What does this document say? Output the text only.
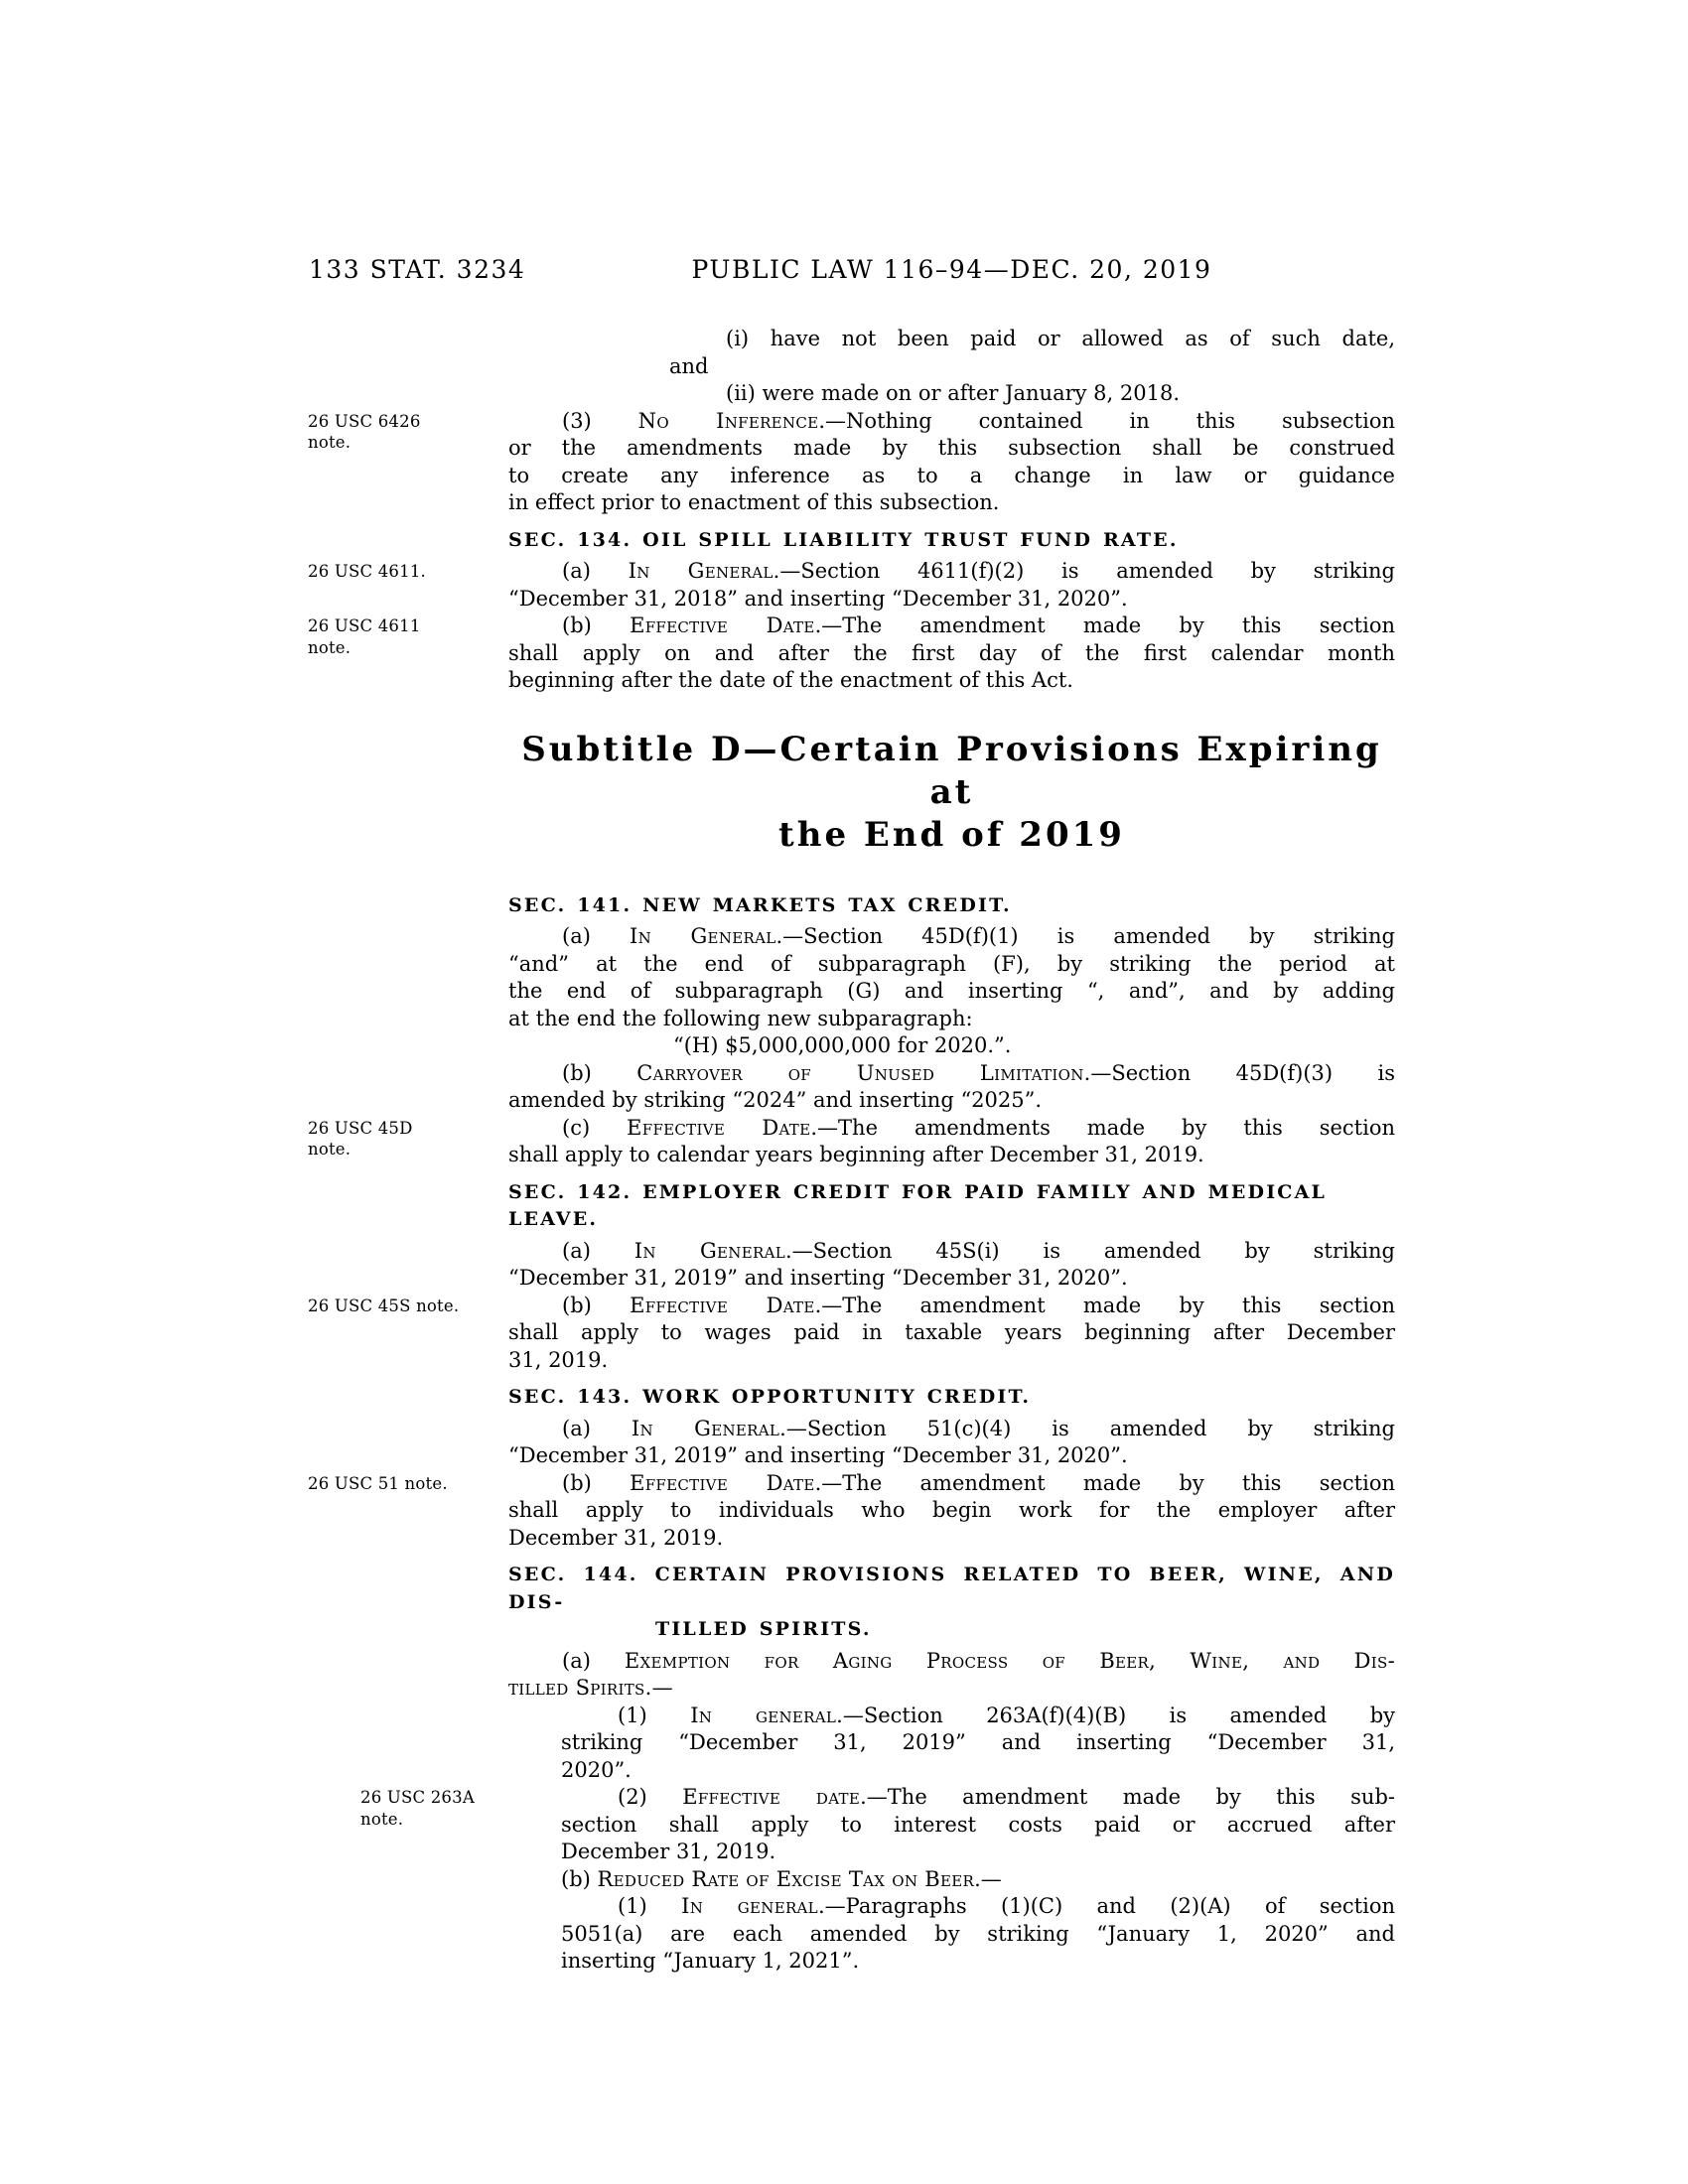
133 STAT. 3234	PUBLIC LAW 116–94—DEC. 20, 2019
(i) have not been paid or allowed as of such date,
and
(ii) were made on or after January 8, 2018.
26 USC 6426
note.
(3) No Inference.—Nothing contained in this subsection
or the amendments made by this subsection shall be construed
to create any inference as to a change in law or guidance
in effect prior to enactment of this subsection.
SEC. 134. OIL SPILL LIABILITY TRUST FUND RATE.
26 USC 4611.	(a) In General.—Section 4611(f)(2) is amended by striking
“December 31, 2018” and inserting “December 31, 2020”.
26 USC 4611
note.
(b) Effective Date.—The amendment made by this section
shall apply on and after the first day of the first calendar month
beginning after the date of the enactment of this Act.
Subtitle D—Certain Provisions Expiring at
the End of 2019
SEC. 141. NEW MARKETS TAX CREDIT.
(a) In General.—Section 45D(f)(1) is amended by striking
“and” at the end of subparagraph (F), by striking the period at
the end of subparagraph (G) and inserting “, and”, and by adding
at the end the following new subparagraph:
“(H) $5,000,000,000 for 2020.”.
(b) Carryover of Unused Limitation.—Section 45D(f)(3) is
amended by striking “2024” and inserting “2025”.
26 USC 45D
note.
(c) Effective Date.—The amendments made by this section
shall apply to calendar years beginning after December 31, 2019.
SEC. 142. EMPLOYER CREDIT FOR PAID FAMILY AND MEDICAL LEAVE.
(a) In General.—Section 45S(i) is amended by striking
“December 31, 2019” and inserting “December 31, 2020”.
26 USC 45S note.	(b) Effective Date.—The amendment made by this section
shall apply to wages paid in taxable years beginning after December
31, 2019.
SEC. 143. WORK OPPORTUNITY CREDIT.
(a) In General.—Section 51(c)(4) is amended by striking
“December 31, 2019” and inserting “December 31, 2020”.
26 USC 51 note.	(b) Effective Date.—The amendment made by this section
shall apply to individuals who begin work for the employer after
December 31, 2019.
SEC. 144. CERTAIN PROVISIONS RELATED TO BEER, WINE, AND DIS-
TILLED SPIRITS.
(a) Exemption for Aging Process of Beer, Wine, and Dis-
tilled Spirits.—
(1) In general.—Section 263A(f)(4)(B) is amended by
striking “December 31, 2019” and inserting “December 31,
2020”.
26 USC 263A
note.
(2) Effective date.—The amendment made by this sub-
section shall apply to interest costs paid or accrued after
December 31, 2019.
(b) Reduced Rate of Excise Tax on Beer.—
(1) In general.—Paragraphs (1)(C) and (2)(A) of section
5051(a) are each amended by striking “January 1, 2020” and
inserting “January 1, 2021”.
